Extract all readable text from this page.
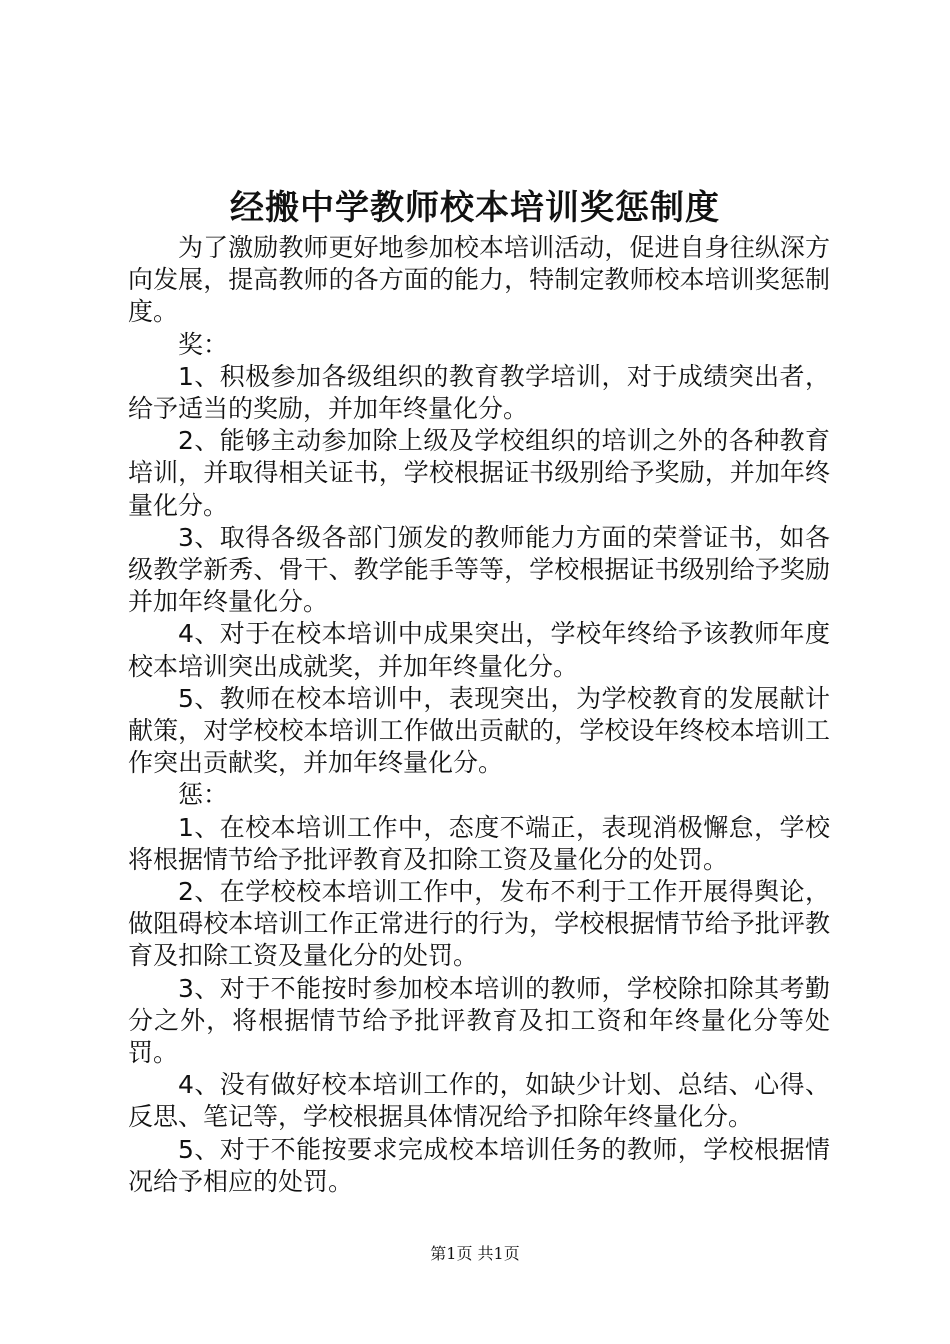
经搬中学教师校本培训奖惩制度

为了激励教师更好地参加校本培训活动，促进自身往纵深方向发展，提高教师的各方面的能力，特制定教师校本培训奖惩制度。

奖：

1、积极参加各级组织的教育教学培训，对于成绩突出者，给予适当的奖励，并加年终量化分。

2、能够主动参加除上级及学校组织的培训之外的各种教育培训，并取得相关证书，学校根据证书级别给予奖励，并加年终量化分。

3、取得各级各部门颁发的教师能力方面的荣誉证书，如各级教学新秀、骨干、教学能手等等，学校根据证书级别给予奖励并加年终量化分。

4、对于在校本培训中成果突出，学校年终给予该教师年度校本培训突出成就奖，并加年终量化分。

5、教师在校本培训中，表现突出，为学校教育的发展献计献策，对学校校本培训工作做出贡献的，学校设年终校本培训工作突出贡献奖，并加年终量化分。

惩：

1、在校本培训工作中，态度不端正，表现消极懈怠，学校将根据情节给予批评教育及扣除工资及量化分的处罚。

2、在学校校本培训工作中，发布不利于工作开展得舆论，做阻碍校本培训工作正常进行的行为，学校根据情节给予批评教育及扣除工资及量化分的处罚。

3、对于不能按时参加校本培训的教师，学校除扣除其考勤分之外，将根据情节给予批评教育及扣工资和年终量化分等处罚。

4、没有做好校本培训工作的，如缺少计划、总结、心得、反思、笔记等，学校根据具体情况给予扣除年终量化分。

5、对于不能按要求完成校本培训任务的教师，学校根据情况给予相应的处罚。

第1页 共1页
